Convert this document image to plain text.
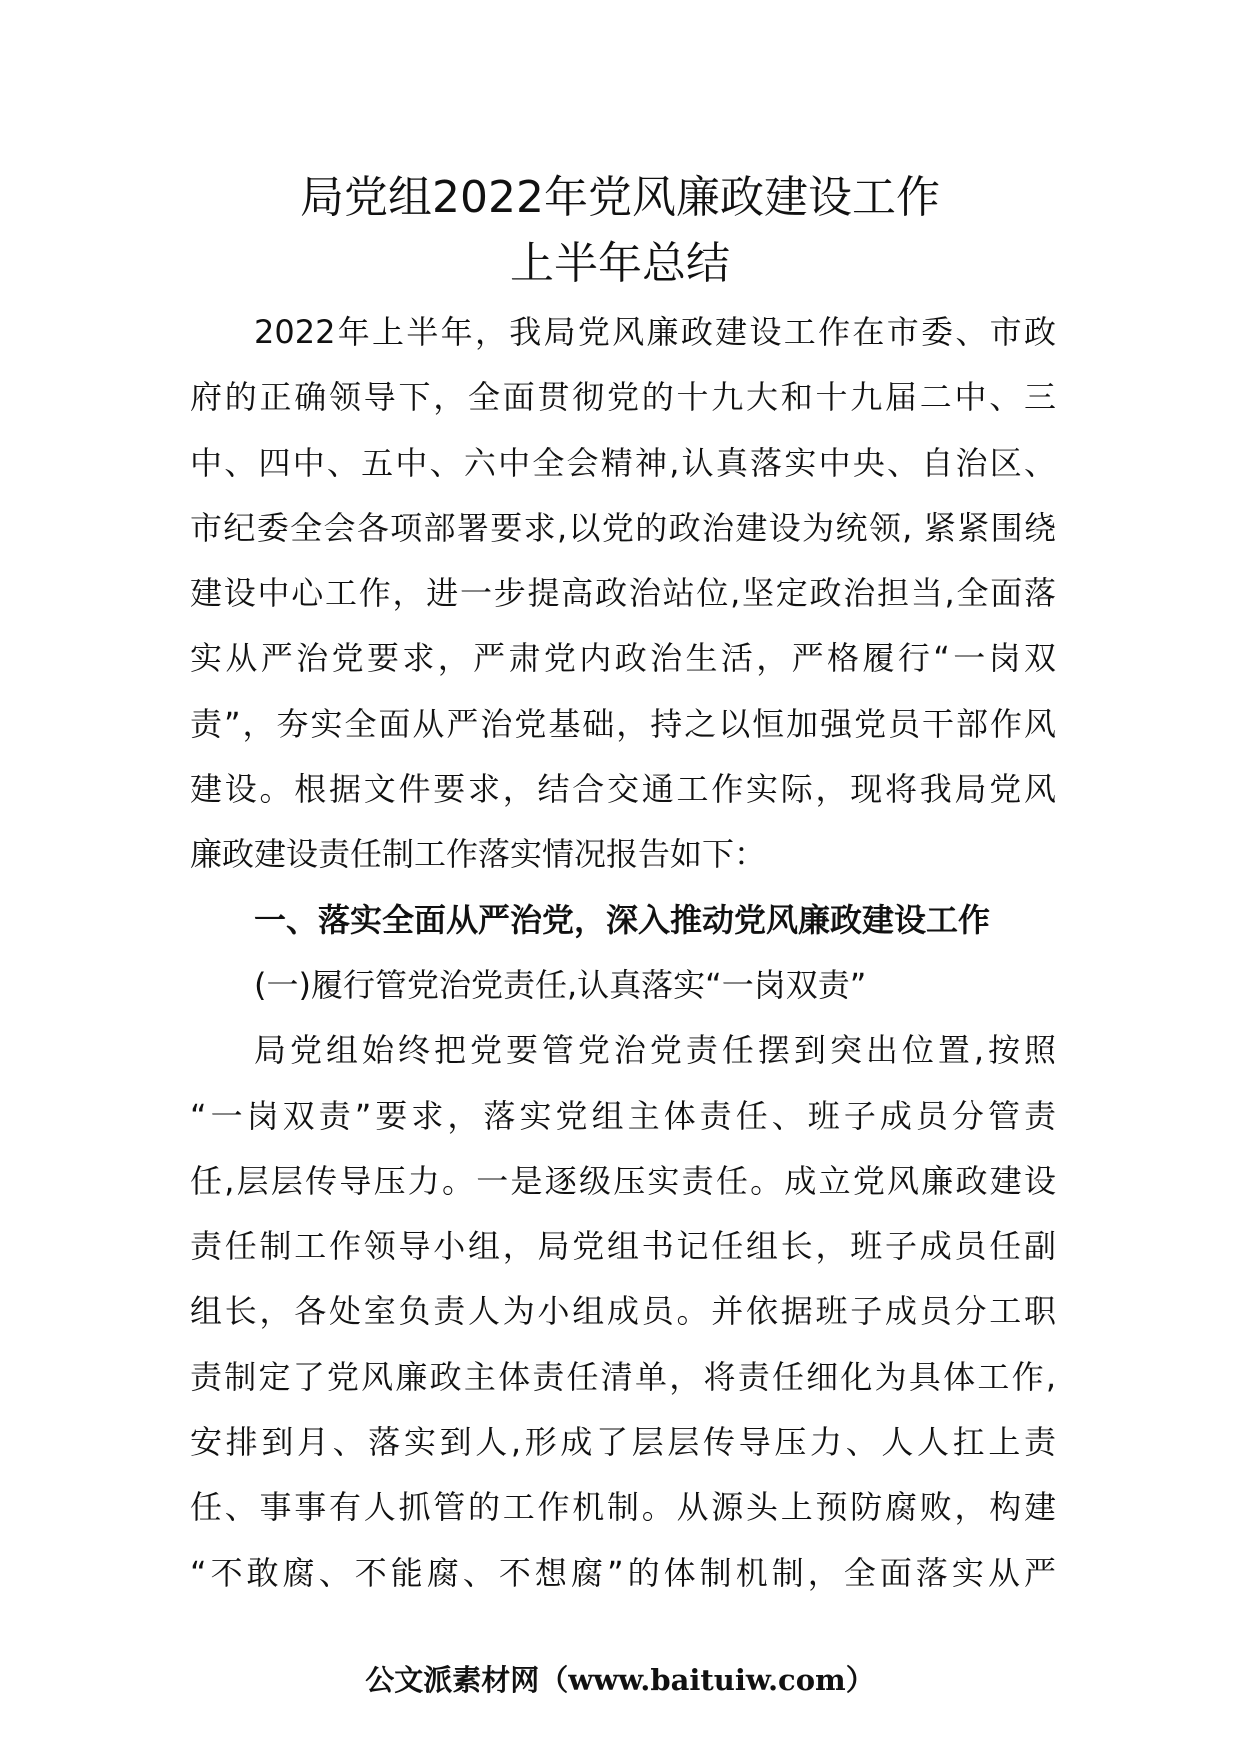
局党组2022年党风廉政建设工作
上半年总结
2022年上半年，我局党风廉政建设工作在市委、市政
府的正确领导下，全面贯彻党的十九大和十九届二中、三
中、四中、五中、六中全会精神,认真落实中央、自治区、
市纪委全会各项部署要求,以党的政治建设为统领, 紧紧围绕
建设中心工作，进一步提高政治站位,坚定政治担当,全面落
实从严治党要求，严肃党内政治生活，严格履行“一岗双
责”，夯实全面从严治党基础，持之以恒加强党员干部作风
建设。根据文件要求，结合交通工作实际，现将我局党风
廉政建设责任制工作落实情况报告如下：
一、落实全面从严治党，深入推动党风廉政建设工作
(一)履行管党治党责任,认真落实“一岗双责”
局党组始终把党要管党治党责任摆到突出位置,按照
“一岗双责”要求，落实党组主体责任、班子成员分管责
任,层层传导压力。一是逐级压实责任。成立党风廉政建设
责任制工作领导小组，局党组书记任组长，班子成员任副
组长，各处室负责人为小组成员。并依据班子成员分工职
责制定了党风廉政主体责任清单，将责任细化为具体工作,
安排到月、落实到人,形成了层层传导压力、人人扛上责
任、事事有人抓管的工作机制。从源头上预防腐败，构建
“不敢腐、不能腐、不想腐”的体制机制，全面落实从严
公文派素材网（www.baituiw.com）
